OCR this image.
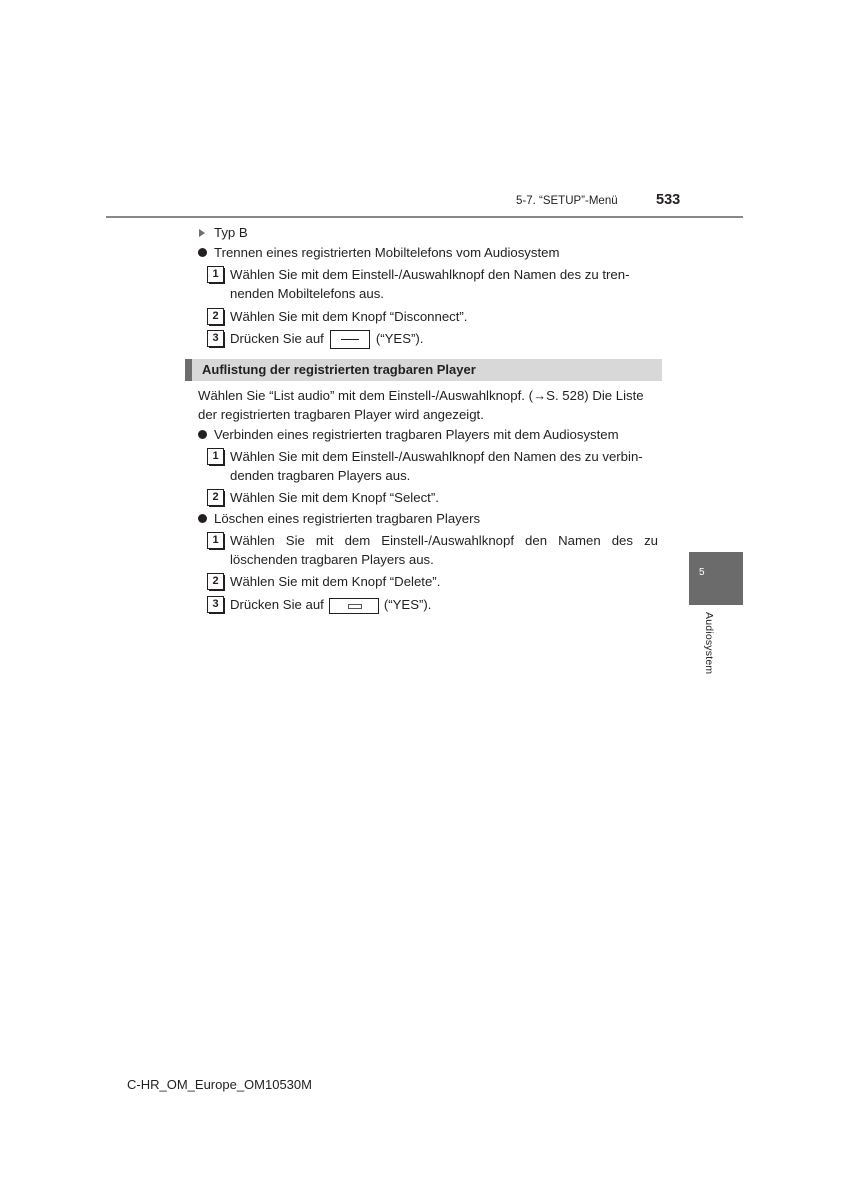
5-7. “SETUP”-Menü	533
Typ B
Trennen eines registrierten Mobiltelefons vom Audiosystem
1 Wählen Sie mit dem Einstell-/Auswahlknopf den Namen des zu tren-
nenden Mobiltelefons aus.
2 Wählen Sie mit dem Knopf “Disconnect”.
3 Drücken Sie auf	(“YES”).
Auflistung der registrierten tragbaren Player
Wählen Sie “List audio” mit dem Einstell-/Auswahlknopf. (→S. 528) Die Liste
der registrierten tragbaren Player wird angezeigt.
Verbinden eines registrierten tragbaren Players mit dem Audiosystem
1 Wählen Sie mit dem Einstell-/Auswahlknopf den Namen des zu verbin-
denden tragbaren Players aus.
2 Wählen Sie mit dem Knopf “Select”.
Löschen eines registrierten tragbaren Players
1 Wählen Sie mit dem Einstell-/Auswahlknopf den Namen des zu
löschenden tragbaren Players aus.
2 Wählen Sie mit dem Knopf “Delete”.
3 Drücken Sie auf	(“YES”).
5
Audiosystem
C-HR_OM_Europe_OM10530M
